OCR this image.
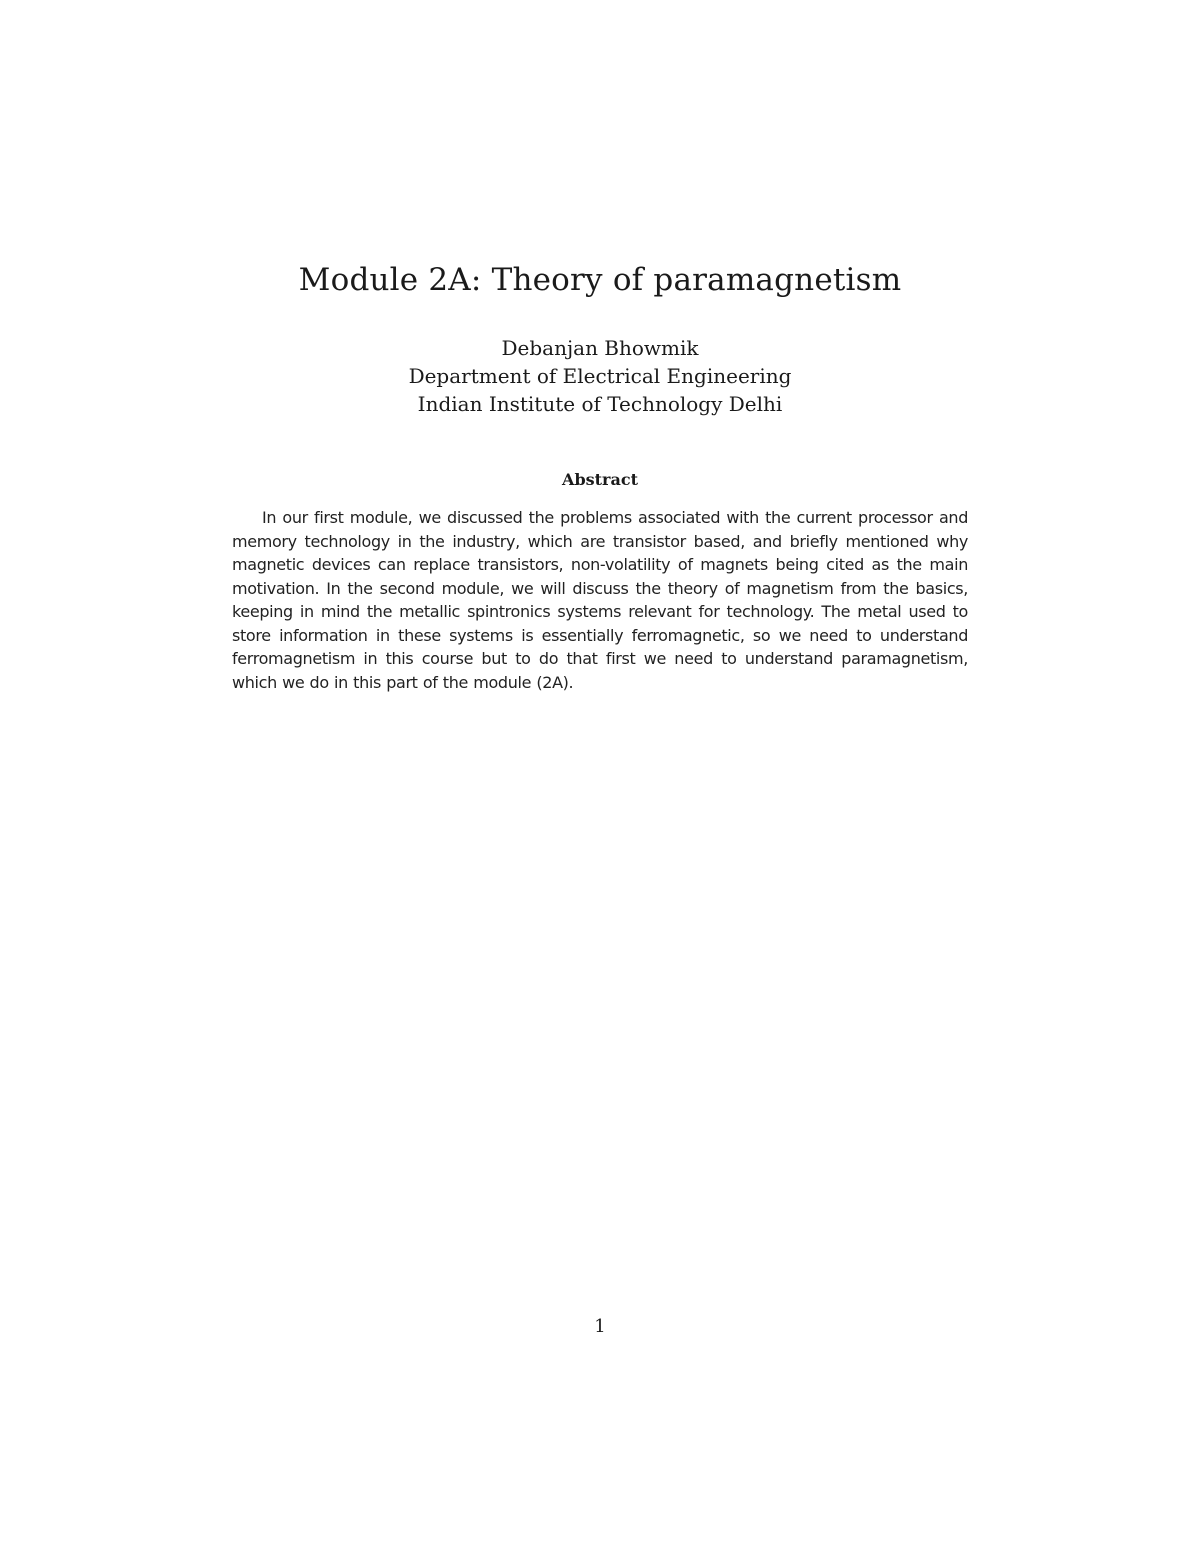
Module 2A: Theory of paramagnetism
Debanjan Bhowmik
Department of Electrical Engineering
Indian Institute of Technology Delhi
Abstract
In our first module, we discussed the problems associated with the current processor and memory technology in the industry, which are transistor based, and briefly mentioned why magnetic devices can replace transistors, non-volatility of magnets being cited as the main motivation. In the second module, we will discuss the theory of magnetism from the basics, keeping in mind the metallic spintronics systems relevant for technology. The metal used to store information in these systems is essentially ferromagnetic, so we need to understand ferromagnetism in this course but to do that first we need to understand paramagnetism, which we do in this part of the module (2A).
1
